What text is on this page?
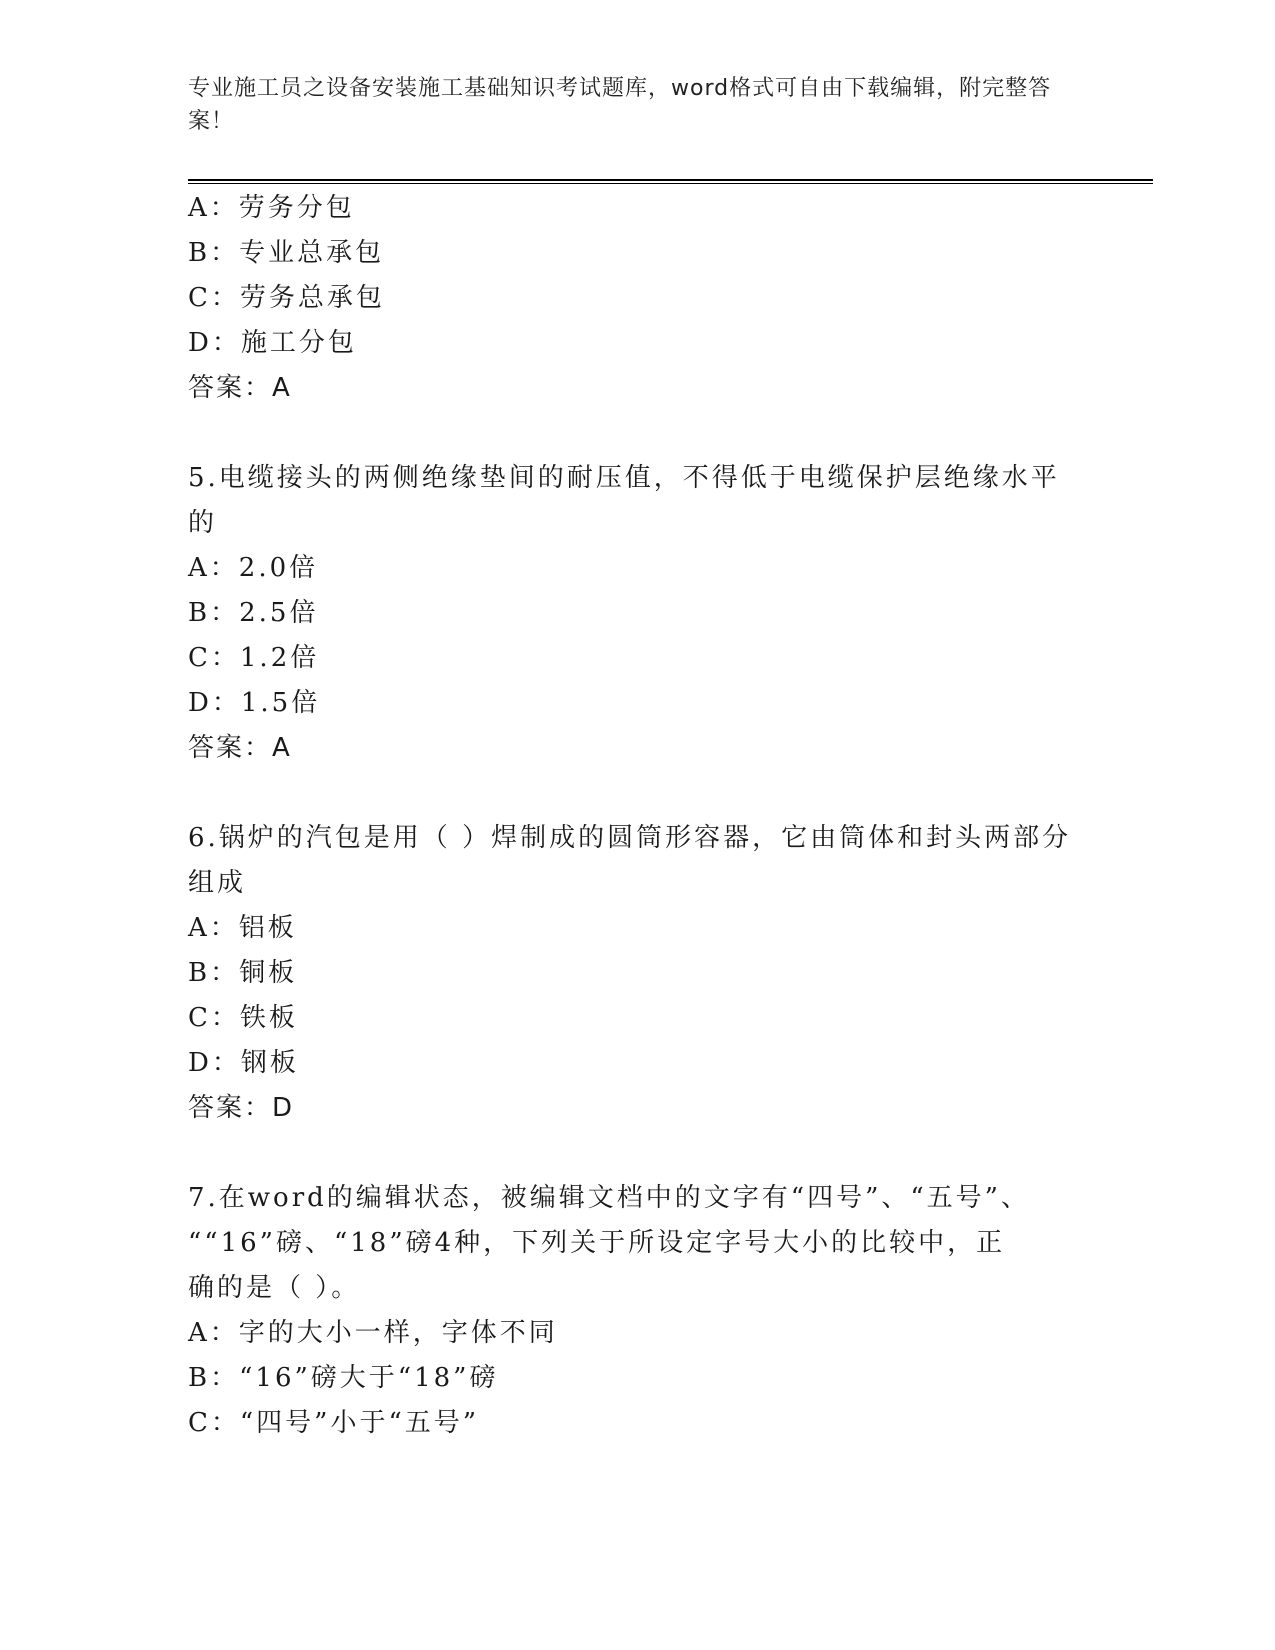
专业施工员之设备安装施工基础知识考试题库，word格式可自由下载编辑，附完整答案！
A：劳务分包
B：专业总承包
C：劳务总承包
D：施工分包
答案：A
5.电缆接头的两侧绝缘垫间的耐压值，不得低于电缆保护层绝缘水平
的
A：2.0倍
B：2.5倍
C：1.2倍
D：1.5倍
答案：A
6.锅炉的汽包是用（ ）焊制成的圆筒形容器，它由筒体和封头两部分
组成
A：铝板
B：铜板
C：铁板
D：钢板
答案：D
7.在word的编辑状态，被编辑文档中的文字有“四号”、“五号”、
““16”磅、“18”磅4种，下列关于所设定字号大小的比较中，正
确的是（ ）。
A：字的大小一样，字体不同
B：“16”磅大于“18”磅
C：“四号”小于“五号”
